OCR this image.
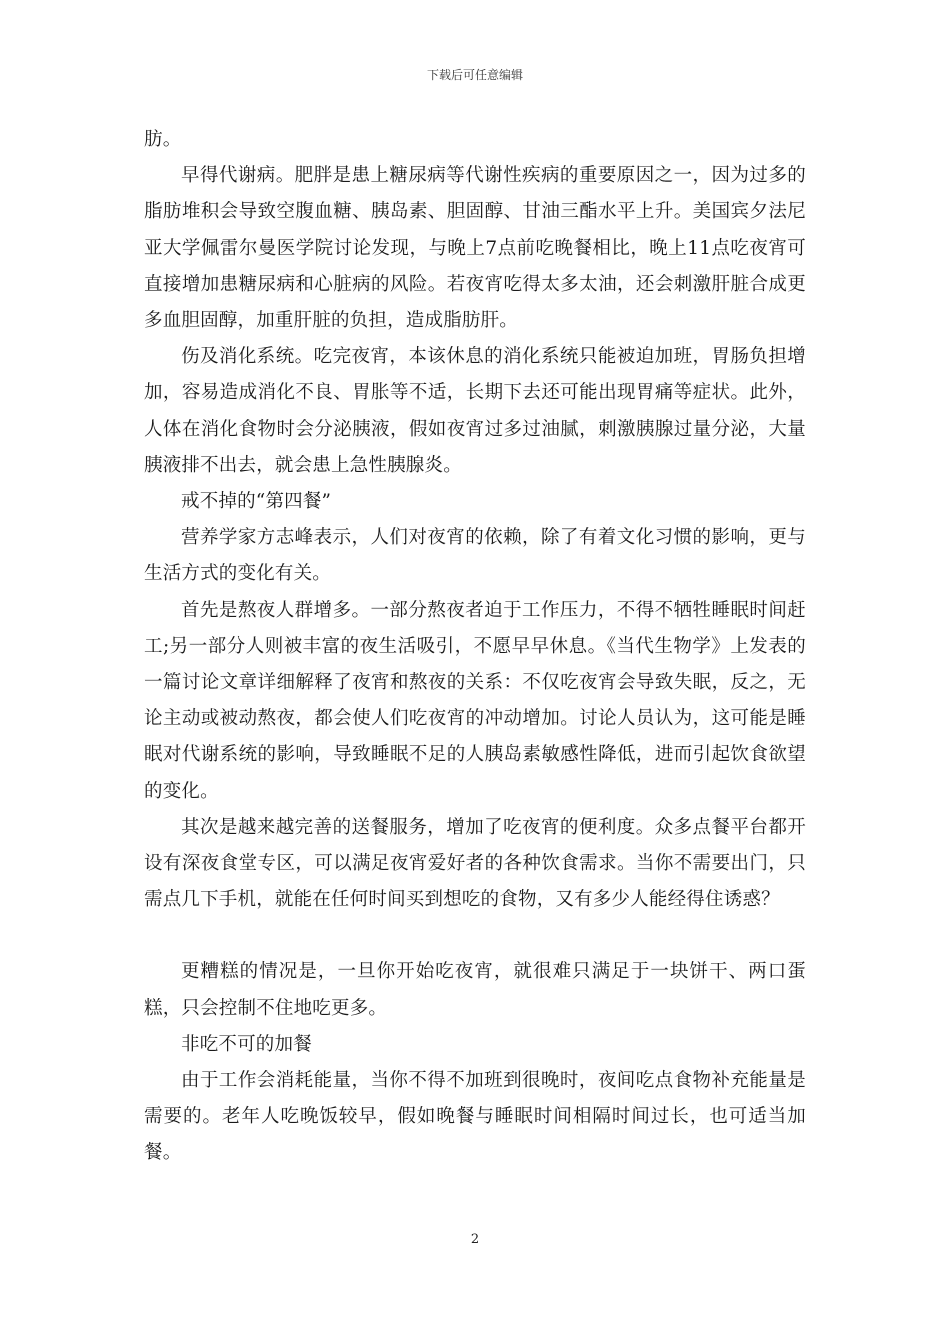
下载后可任意编辑

肪。

早得代谢病。肥胖是患上糖尿病等代谢性疾病的重要原因之一，因为过多的脂肪堆积会导致空腹血糖、胰岛素、胆固醇、甘油三酯水平上升。美国宾夕法尼亚大学佩雷尔曼医学院讨论发现，与晚上7点前吃晚餐相比，晚上11点吃夜宵可直接增加患糖尿病和心脏病的风险。若夜宵吃得太多太油，还会刺激肝脏合成更多血胆固醇，加重肝脏的负担，造成脂肪肝。

伤及消化系统。吃完夜宵，本该休息的消化系统只能被迫加班，胃肠负担增加，容易造成消化不良、胃胀等不适，长期下去还可能出现胃痛等症状。此外，人体在消化食物时会分泌胰液，假如夜宵过多过油腻，刺激胰腺过量分泌，大量胰液排不出去，就会患上急性胰腺炎。

戒不掉的“第四餐”

营养学家方志峰表示，人们对夜宵的依赖，除了有着文化习惯的影响，更与生活方式的变化有关。

首先是熬夜人群增多。一部分熬夜者迫于工作压力，不得不牺牲睡眠时间赶工;另一部分人则被丰富的夜生活吸引，不愿早早休息。《当代生物学》上发表的一篇讨论文章详细解释了夜宵和熬夜的关系：不仅吃夜宵会导致失眠，反之，无论主动或被动熬夜，都会使人们吃夜宵的冲动增加。讨论人员认为，这可能是睡眠对代谢系统的影响，导致睡眠不足的人胰岛素敏感性降低，进而引起饮食欲望的变化。

其次是越来越完善的送餐服务，增加了吃夜宵的便利度。众多点餐平台都开设有深夜食堂专区，可以满足夜宵爱好者的各种饮食需求。当你不需要出门，只需点几下手机，就能在任何时间买到想吃的食物，又有多少人能经得住诱惑？

更糟糕的情况是，一旦你开始吃夜宵，就很难只满足于一块饼干、两口蛋糕，只会控制不住地吃更多。

非吃不可的加餐

由于工作会消耗能量，当你不得不加班到很晚时，夜间吃点食物补充能量是需要的。老年人吃晚饭较早，假如晚餐与睡眠时间相隔时间过长，也可适当加餐。

2
